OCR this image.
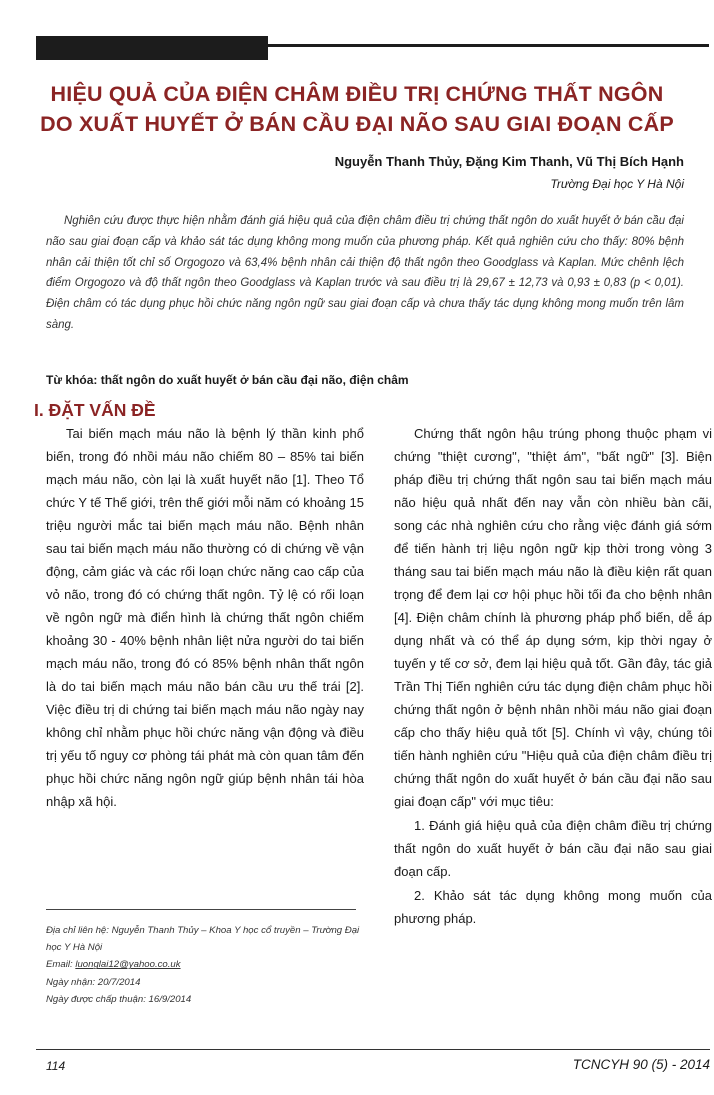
HIỆU QUẢ CỦA ĐIỆN CHÂM ĐIỀU TRỊ CHỨNG THẤT NGÔN
DO XUẤT HUYẾT Ở BÁN CẦU ĐẠI NÃO SAU GIAI ĐOẠN CẤP
Nguyễn Thanh Thủy, Đặng Kim Thanh, Vũ Thị Bích Hạnh
Trường Đại học Y Hà Nội

Nghiên cứu được thực hiện nhằm đánh giá hiệu quả của điện châm điều trị chứng thất ngôn do xuất huyết ở bán cầu đại não sau giai đoạn cấp và khảo sát tác dụng không mong muốn của phương pháp. Kết quả nghiên cứu cho thấy: 80% bệnh nhân cải thiện tốt chỉ số Orgogozo và 63,4% bệnh nhân cải thiện độ thất ngôn theo Goodglass và Kaplan. Mức chênh lệch điểm Orgogozo và độ thất ngôn theo Goodglass và Kaplan trước và sau điều trị là 29,67 ± 12,73 và 0,93 ± 0,83 (p < 0,01). Điện châm có tác dụng phục hồi chức năng ngôn ngữ sau giai đoạn cấp và chưa thấy tác dụng không mong muốn trên lâm sàng.

Từ khóa: thất ngôn do xuất huyết ở bán cầu đại não, điện châm
I. ĐẶT VẤN ĐỀ

Tai biến mạch máu não là bệnh lý thần kinh phổ biến, trong đó nhồi máu não chiếm 80 – 85% tai biến mạch máu não, còn lại là xuất huyết não [1]. Theo Tổ chức Y tế Thế giới, trên thế giới mỗi năm có khoảng 15 triệu người mắc tai biến mạch máu não. Bệnh nhân sau tai biến mạch máu não thường có di chứng về vận động, cảm giác và các rối loạn chức năng cao cấp của vỏ não, trong đó có chứng thất ngôn. Tỷ lệ có rối loạn về ngôn ngữ mà điển hình là chứng thất ngôn chiếm khoảng 30 - 40% bệnh nhân liệt nửa người do tai biến mạch máu não, trong đó có 85% bệnh nhân thất ngôn là do tai biến mạch máu não bán cầu ưu thế trái [2]. Việc điều trị di chứng tai biến mạch máu não ngày nay không chỉ nhằm phục hồi chức năng vận động và điều trị yếu tố nguy cơ phòng tái phát mà còn quan tâm đến phục hồi chức năng ngôn ngữ giúp bệnh nhân tái hòa nhập xã hội.

Địa chỉ liên hệ: Nguyễn Thanh Thủy – Khoa Y học cổ truyền – Trường Đại học Y Hà Nội
Email: luonglai12@yahoo.co.uk
Ngày nhận: 20/7/2014
Ngày được chấp thuận: 16/9/2014

Chứng thất ngôn hậu trúng phong thuộc phạm vi chứng "thiệt cương", "thiệt ám", "bất ngữ" [3]. Biện pháp điều trị chứng thất ngôn sau tai biến mạch máu não hiệu quả nhất đến nay vẫn còn nhiều bàn cãi, song các nhà nghiên cứu cho rằng việc đánh giá sớm để tiến hành trị liệu ngôn ngữ kịp thời trong vòng 3 tháng sau tai biến mạch máu não là điều kiện rất quan trọng để đem lại cơ hội phục hồi tối đa cho bệnh nhân [4]. Điện châm chính là phương pháp phổ biến, dễ áp dụng nhất và có thể áp dụng sớm, kịp thời ngay ở tuyến y tế cơ sở, đem lại hiệu quả tốt. Gần đây, tác giả Trần Thị Tiến nghiên cứu tác dụng điện châm phục hồi chứng thất ngôn ở bệnh nhân nhồi máu não giai đoạn cấp cho thấy hiệu quả tốt [5]. Chính vì vậy, chúng tôi tiến hành nghiên cứu "Hiệu quả của điện châm điều trị chứng thất ngôn do xuất huyết ở bán cầu đại não sau giai đoạn cấp" với mục tiêu:

1. Đánh giá hiệu quả của điện châm điều trị chứng thất ngôn do xuất huyết ở bán cầu đại não sau giai đoạn cấp.

2. Khảo sát tác dụng không mong muốn của phương pháp.

114	TCNCYH 90 (5) - 2014
